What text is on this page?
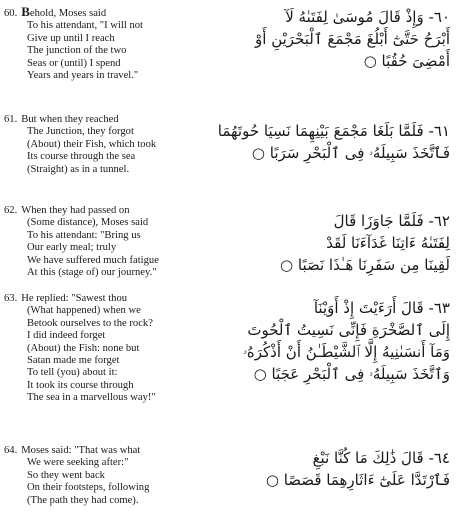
60. Behold, Moses said
To his attendant, "I will not
Give up until I reach
The junction of the two
Seas or (until) I spend
Years and years in travel."
٦٠- وَإِذْ قَالَ مُوسَىٰ لِفَتَىٰهُ لَآ
أَبْرَحُ حَتَّىٰٓ أَبْلُغَ مَجْمَعَ ٱلْبَحْرَيْنِ أَوْ
أَمْضِىَ حُقُبًا ○
61. But when they reached
The Junction, they forgot
(About) their Fish, which took
Its course through the sea
(Straight) as in a tunnel.
٦١- فَلَمَّا بَلَغَا مَجْمَعَ بَيْنِهِمَا نَسِيَا حُوتَهُمَا
فَٱتَّخَذَ سَبِيلَهُۥ فِى ٱلْبَحْرِ سَرَبًا ○
62. When they had passed on
(Some distance), Moses said
To his attendant: "Bring us
Our early meal; truly
We have suffered much fatigue
At this (stage of) our journey."
٦٢- فَلَمَّا جَاوَزَا قَالَ
لِفَتَىٰهُ ءَاتِنَا غَدَآءَنَا لَقَدْ
لَقِينَا مِن سَفَرِنَا هَـٰذَا نَصَبًا ○
63. He replied: "Sawest thou
(What happened) when we
Betook ourselves to the rock?
I did indeed forget
(About) the Fish: none but
Satan made me forget
To tell (you) about it:
It took its course through
The sea in a marvellous way!"
٦٣- قَالَ أَرَءَيْتَ إِذْ أَوَيْنَآ
إِلَى ٱلصَّخْرَةِ فَإِنِّى نَسِيتُ ٱلْحُوتَ
وَمَآ أَنسَىٰنِيهُ إِلَّا ٱلشَّيْطَـٰنُ أَنْ أَذْكُرَهُۥ
وَٱتَّخَذَ سَبِيلَهُۥ فِى ٱلْبَحْرِ عَجَبًا ○
64. Moses said: "That was what
We were seeking after:"
So they went back
On their footsteps, following
(The path they had come).
٦٤- قَالَ ذَٰلِكَ مَا كُنَّا نَبْغِ
فَٱرْتَدَّا عَلَىٰٓ ءَاثَارِهِمَا قَصَصًا ○
